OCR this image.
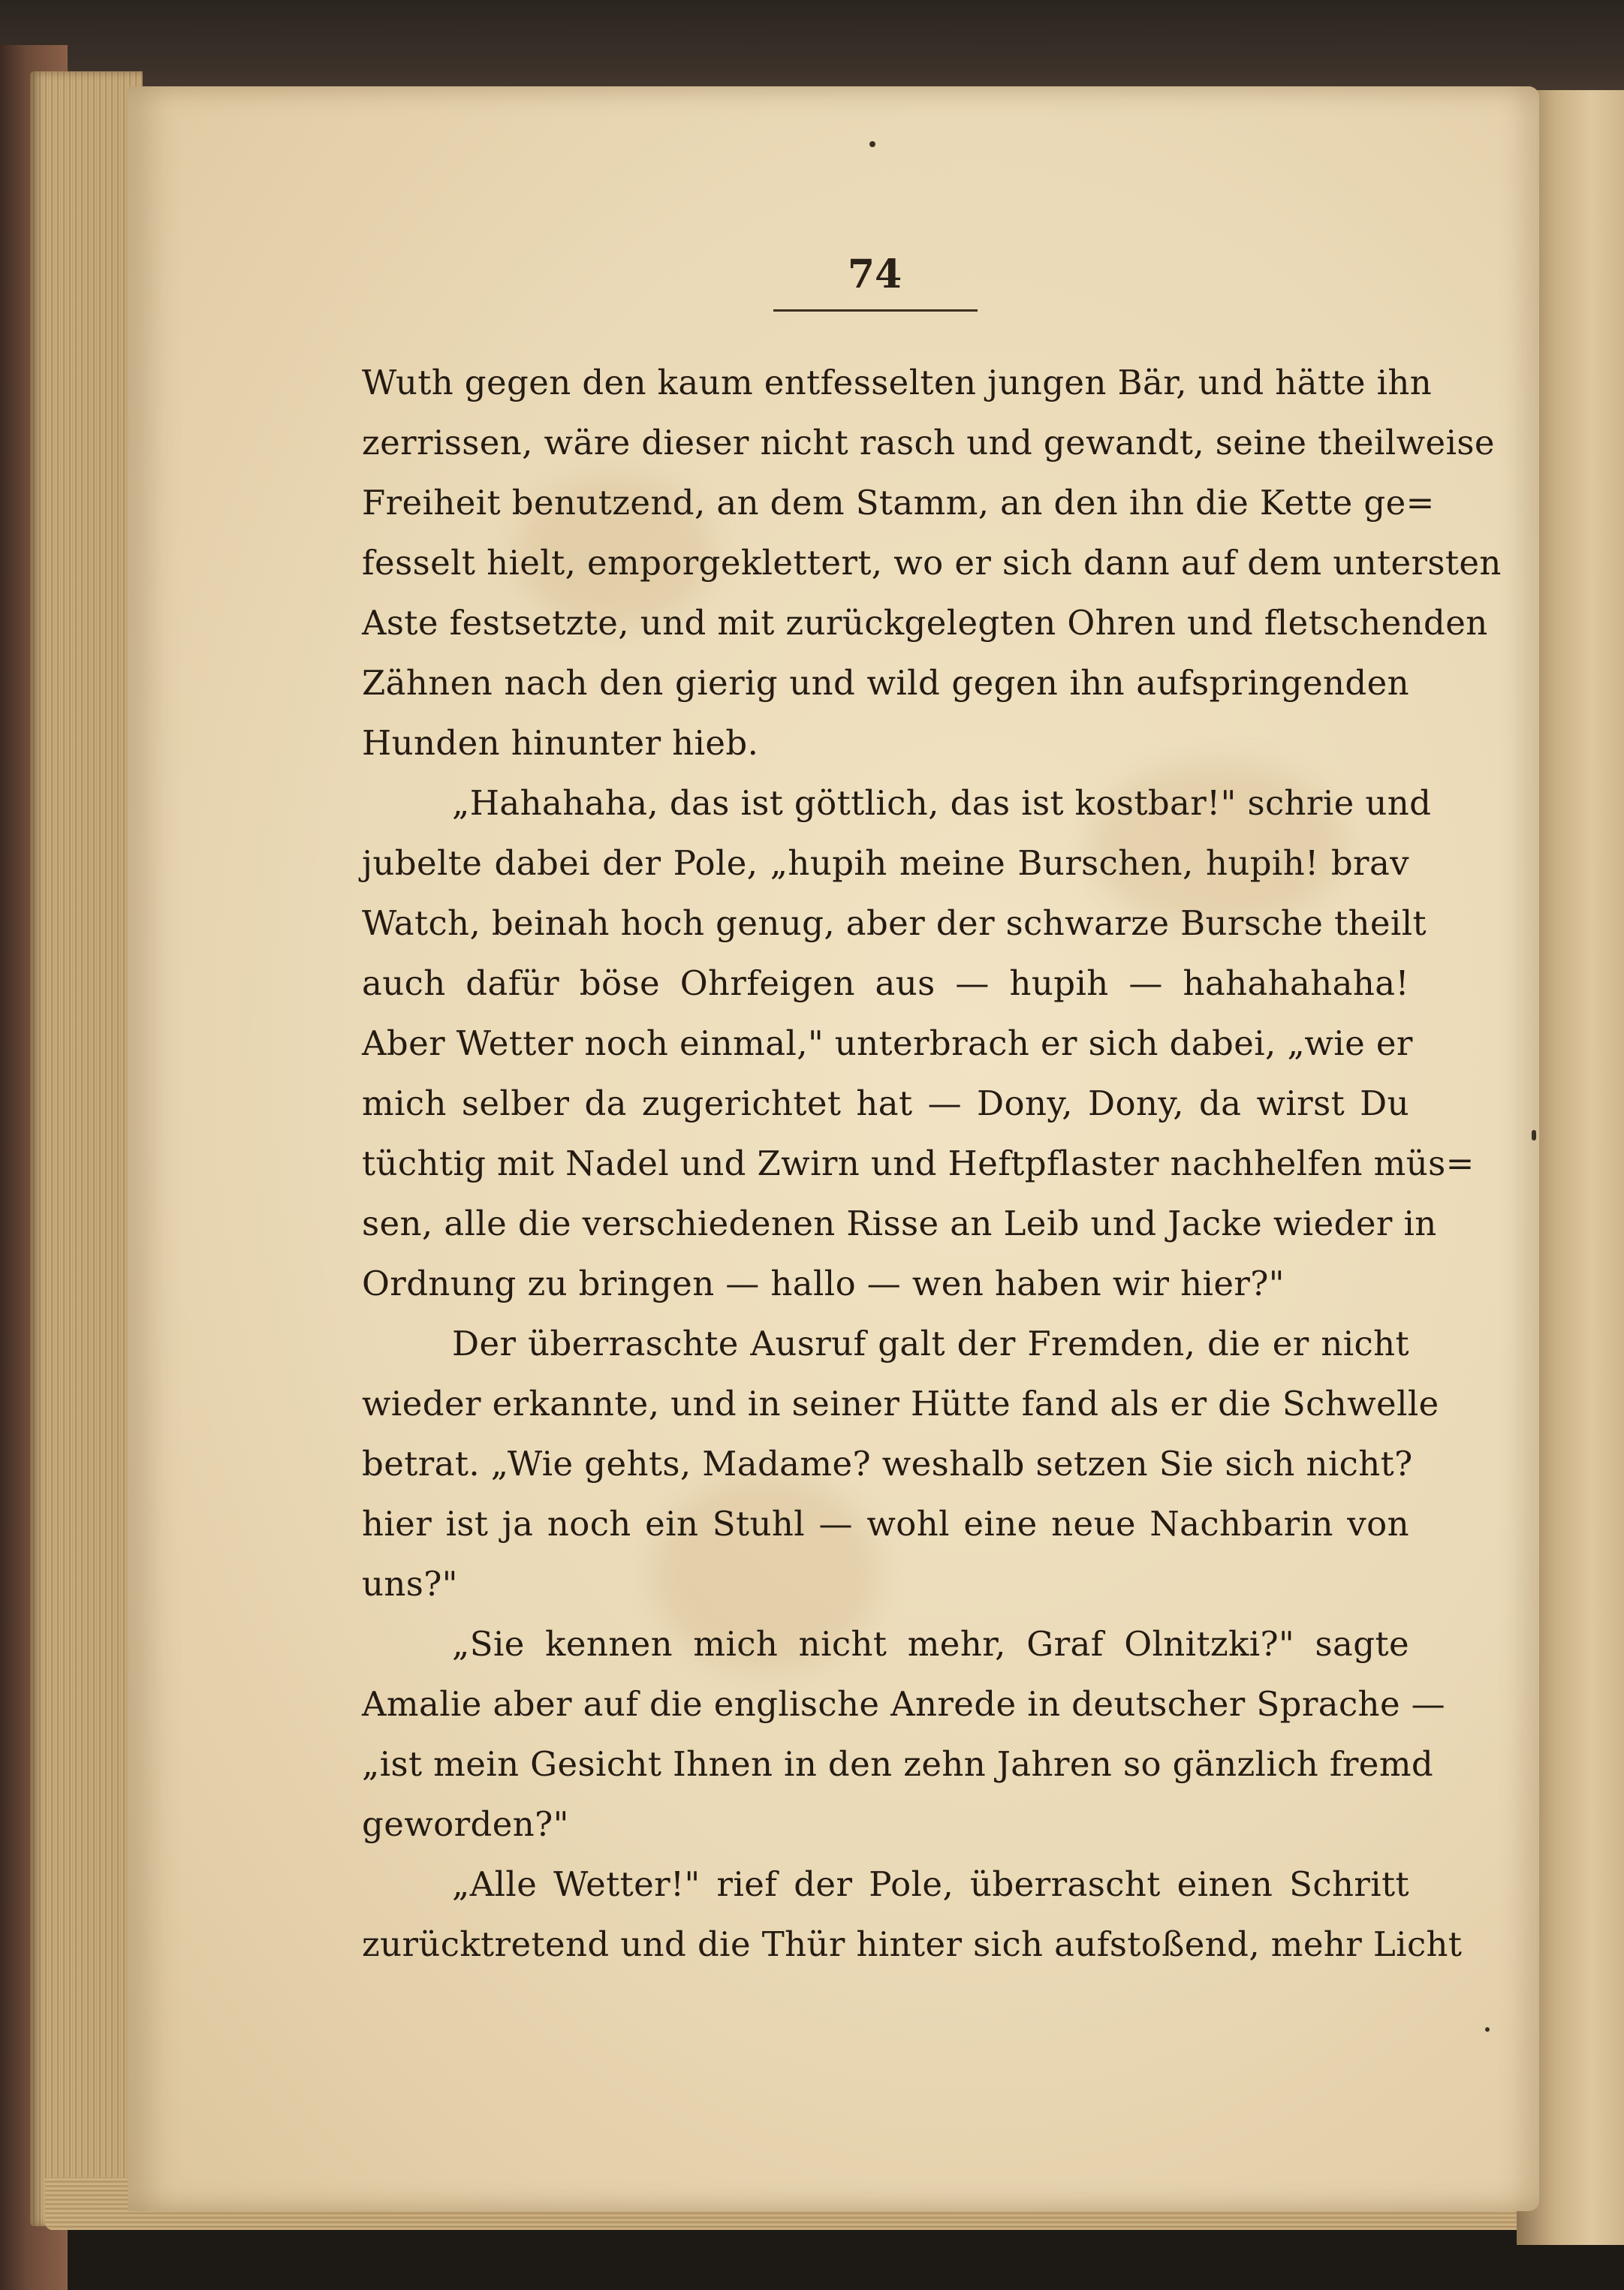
74
Wuth gegen den kaum entfesselten jungen Bär, und hätte ihn
zerrissen, wäre dieser nicht rasch und gewandt, seine theilweise
Freiheit benutzend, an dem Stamm, an den ihn die Kette ge=
fesselt hielt, emporgeklettert, wo er sich dann auf dem untersten
Aste festsetzte, und mit zurückgelegten Ohren und fletschenden
Zähnen nach den gierig und wild gegen ihn aufspringenden
Hunden hinunter hieb.
„Hahahaha, das ist göttlich, das ist kostbar!" schrie und
jubelte dabei der Pole, „hupih meine Burschen, hupih! brav
Watch, beinah hoch genug, aber der schwarze Bursche theilt
auch dafür böse Ohrfeigen aus — hupih — hahahahaha!
Aber Wetter noch einmal," unterbrach er sich dabei, „wie er
mich selber da zugerichtet hat — Dony, Dony, da wirst Du
tüchtig mit Nadel und Zwirn und Heftpflaster nachhelfen müs=
sen, alle die verschiedenen Risse an Leib und Jacke wieder in
Ordnung zu bringen — hallo — wen haben wir hier?"
Der überraschte Ausruf galt der Fremden, die er nicht
wieder erkannte, und in seiner Hütte fand als er die Schwelle
betrat. „Wie gehts, Madame? weshalb setzen Sie sich nicht?
hier ist ja noch ein Stuhl — wohl eine neue Nachbarin von
uns?"
„Sie kennen mich nicht mehr, Graf Olnitzki?" sagte
Amalie aber auf die englische Anrede in deutscher Sprache —
„ist mein Gesicht Ihnen in den zehn Jahren so gänzlich fremd
geworden?"
„Alle Wetter!" rief der Pole, überrascht einen Schritt
zurücktretend und die Thür hinter sich aufstoßend, mehr Licht
